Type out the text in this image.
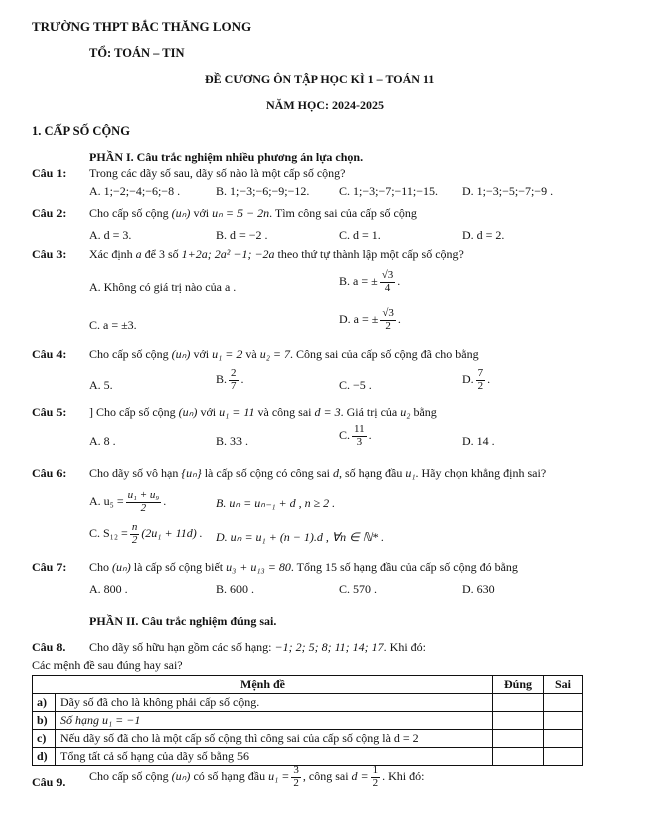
TRƯỜNG THPT BẮC THĂNG LONG
TỔ: TOÁN – TIN
ĐỀ CƯƠNG ÔN TẬP HỌC KÌ 1 – TOÁN 11
NĂM HỌC: 2024-2025
1. CẤP SỐ CỘNG
PHẦN I. Câu trắc nghiệm nhiều phương án lựa chọn.
Câu 1: Trong các dãy số sau, dãy số nào là một cấp số cộng?
A. 1;−2;−4;−6;−8 .	B. 1;−3;−6;−9;−12. C. 1;−3;−7;−11;−15. D. 1;−3;−5;−7;−9 .
Câu 2: Cho cấp số cộng (uₙ) với uₙ = 5 − 2n. Tìm công sai của cấp số cộng
A. d = 3.	B. d = −2 .	C. d = 1.	D. d = 2.
Câu 3: Xác định a để 3 số 1+2a; 2a² −1; −2a theo thứ tự thành lập một cấp số cộng?
A. Không có giá trị nào của a .	B. a = ± $\frac{√3}{4}$ .
C. a = ±3.	D. a = ± $\frac{√3}{2}$ .
Câu 4: Cho cấp số cộng (uₙ) với u₁ = 2 và u₂ = 7. Công sai của cấp số cộng đã cho bằng
A. 5.	B. $\frac{2}{7}$ .	C. −5 .	D. $\frac{7}{2}$ .
Câu 5: ] Cho cấp số cộng (uₙ) với u₁ = 11 và công sai d = 3. Giá trị của u₂ bằng
A. 8 .	B. 33 .	C. $\frac{11}{3}$ .	D. 14 .
Câu 6: Cho dãy số vô hạn {uₙ} là cấp số cộng có công sai d, số hạng đầu u₁. Hãy chọn khẳng định sai?
A. $u_5 = \frac{\text{u₁ + u₉}}{2}$ .	B. uₙ = uₙ₋₁ + d , n ≥ 2 .
C. $S_{12} = \frac{n}{2} (2u_1 + 11d)$ . D. uₙ = u₁ + (n − 1).d , ∀n ∈ ℕ* .
Câu 7: Cho (uₙ) là cấp số cộng biết u₃ + u₁₃ = 80. Tổng 15 số hạng đầu của cấp số cộng đó bằng
A. 800 .	B. 600 .	C. 570 .	D. 630
PHẦN II. Câu trắc nghiệm đúng sai.
Câu 8. Cho dãy số hữu hạn gồm các số hạng: −1; 2; 5; 8; 11; 14; 17. Khi đó:
Các mệnh đề sau đúng hay sai?
Mệnh đề		Đúng	Sai
a)	Dãy số đã cho là không phải cấp số cộng.		
b)	Số hạng u₁ = −1		
c)	Nếu dãy số đã cho là một cấp số cộng thì công sai của cấp số cộng là d = 2		
d)	Tổng tất cả số hạng của dãy số bằng 56		
Câu 9. Cho cấp số cộng (uₙ) có số hạng đầu $u_1 = \frac{3}{2}$ , công sai $d = \frac{1}{2}$ . Khi đó:
